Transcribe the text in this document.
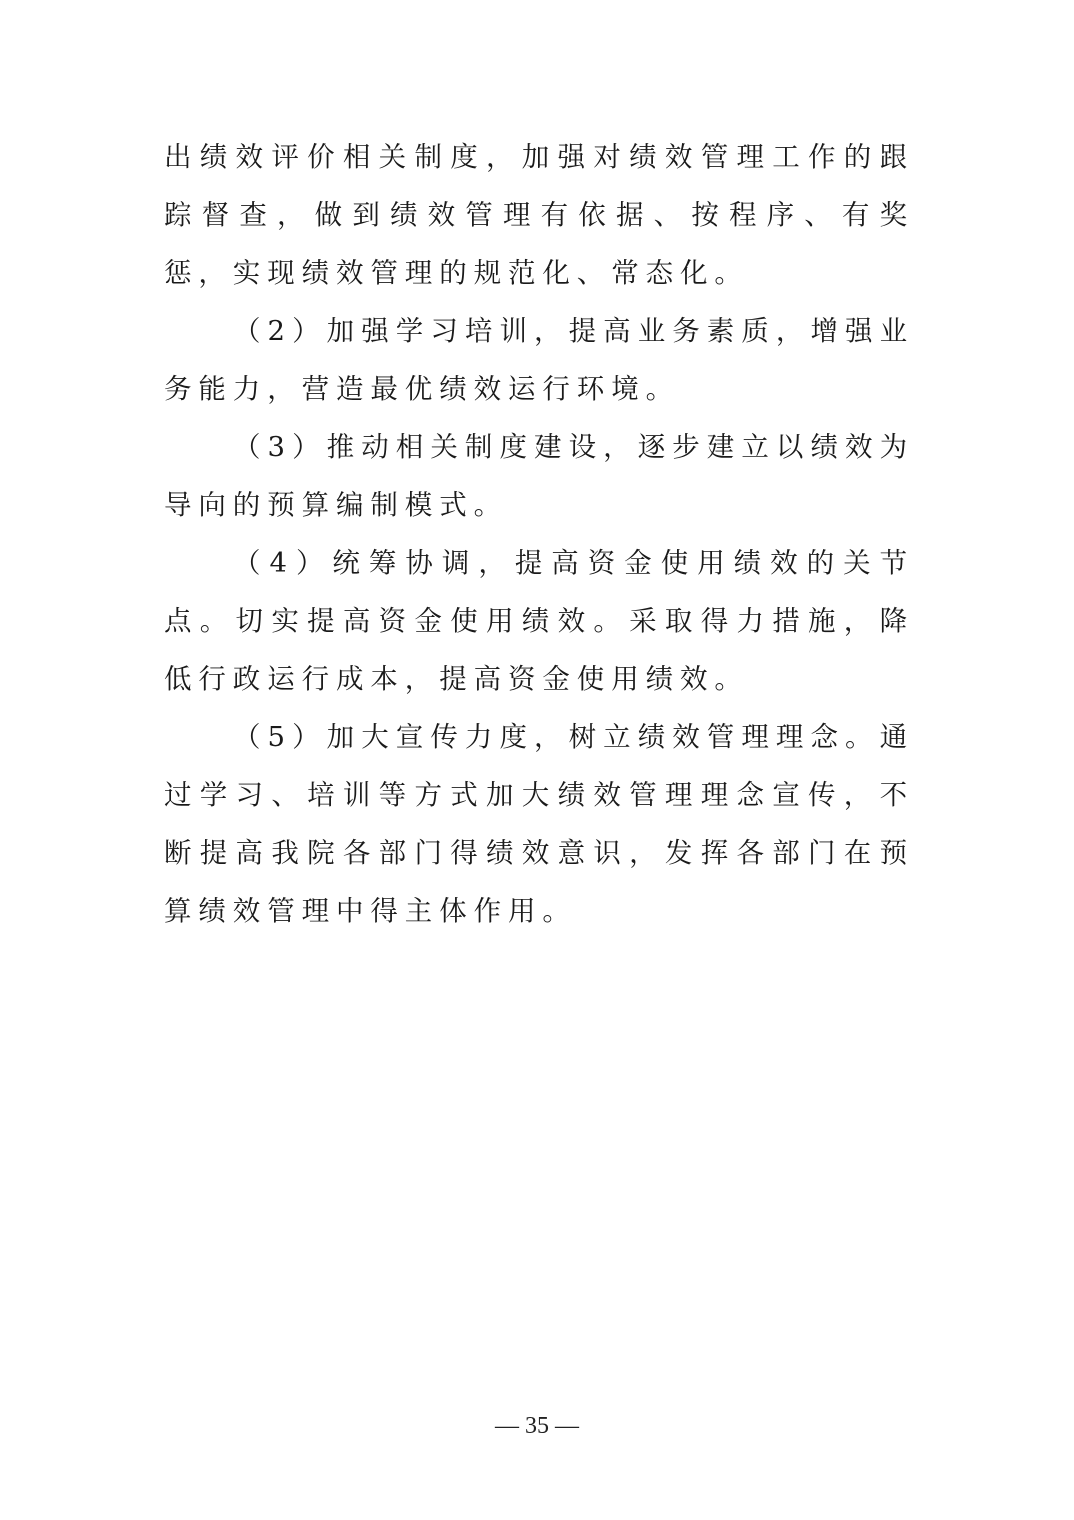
出绩效评价相关制度，加强对绩效管理工作的跟踪督查，做到绩效管理有依据、按程序、有奖惩，实现绩效管理的规范化、常态化。

（2）加强学习培训，提高业务素质，增强业务能力，营造最优绩效运行环境。

（3）推动相关制度建设，逐步建立以绩效为导向的预算编制模式。

（4）统筹协调，提高资金使用绩效的关节点。切实提高资金使用绩效。采取得力措施，降低行政运行成本，提高资金使用绩效。

（5）加大宣传力度，树立绩效管理理念。通过学习、培训等方式加大绩效管理理念宣传，不断提高我院各部门得绩效意识，发挥各部门在预算绩效管理中得主体作用。

— 35 —
